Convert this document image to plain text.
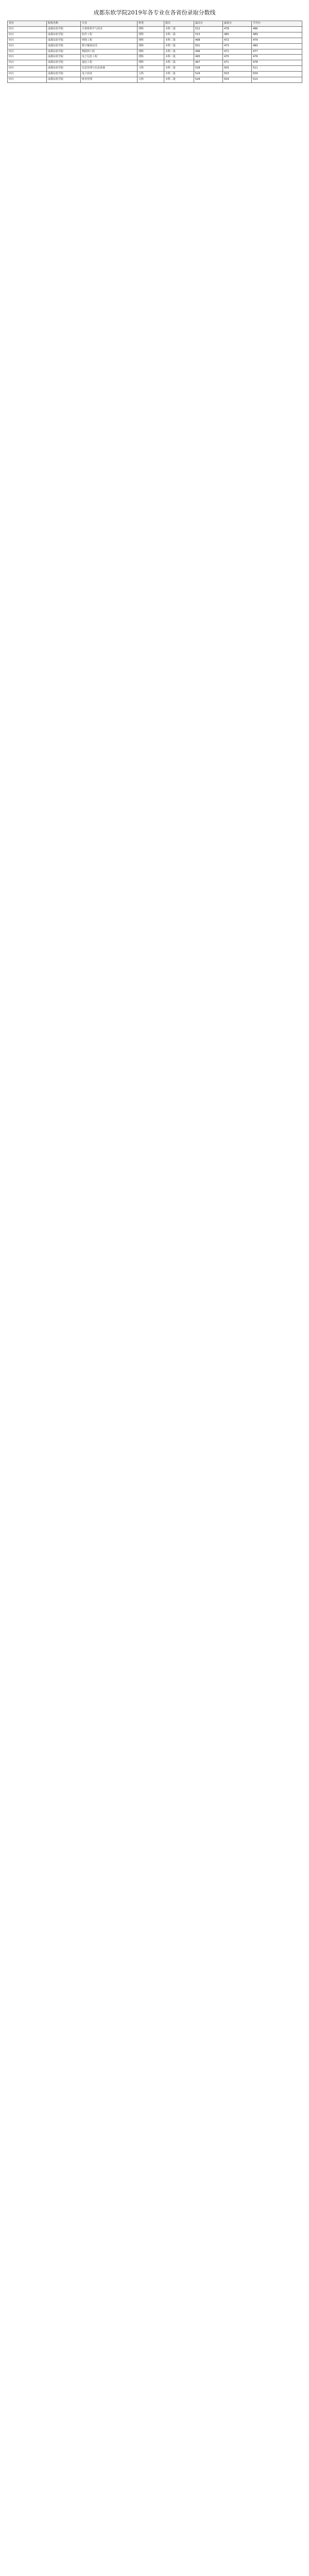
成都东软学院2019年各专业在各省份录取分数线
省份	院校名称	专业	科类	批次	最高分	最低分	平均分
四川	成都东软学院	计算机科学与技术	理科	本科二批	512	478	486
四川	成都东软学院	软件工程	理科	本科二批	515	480	489
四川	成都东软学院	网络工程	理科	本科二批	498	472	479
四川	成都东软学院	数字媒体技术	理科	本科二批	501	473	480
四川	成都东软学院	物联网工程	理科	本科二批	496	471	477
四川	成都东软学院	电子信息工程	理科	本科二批	495	470	476
四川	成都东软学院	通信工程	理科	本科二批	497	471	478
四川	成都东软学院	信息管理与信息系统	文科	本科二批	528	505	511
四川	成都东软学院	电子商务	文科	本科二批	524	503	509
四川	成都东软学院	财务管理	文科	本科二批	526	504	510
